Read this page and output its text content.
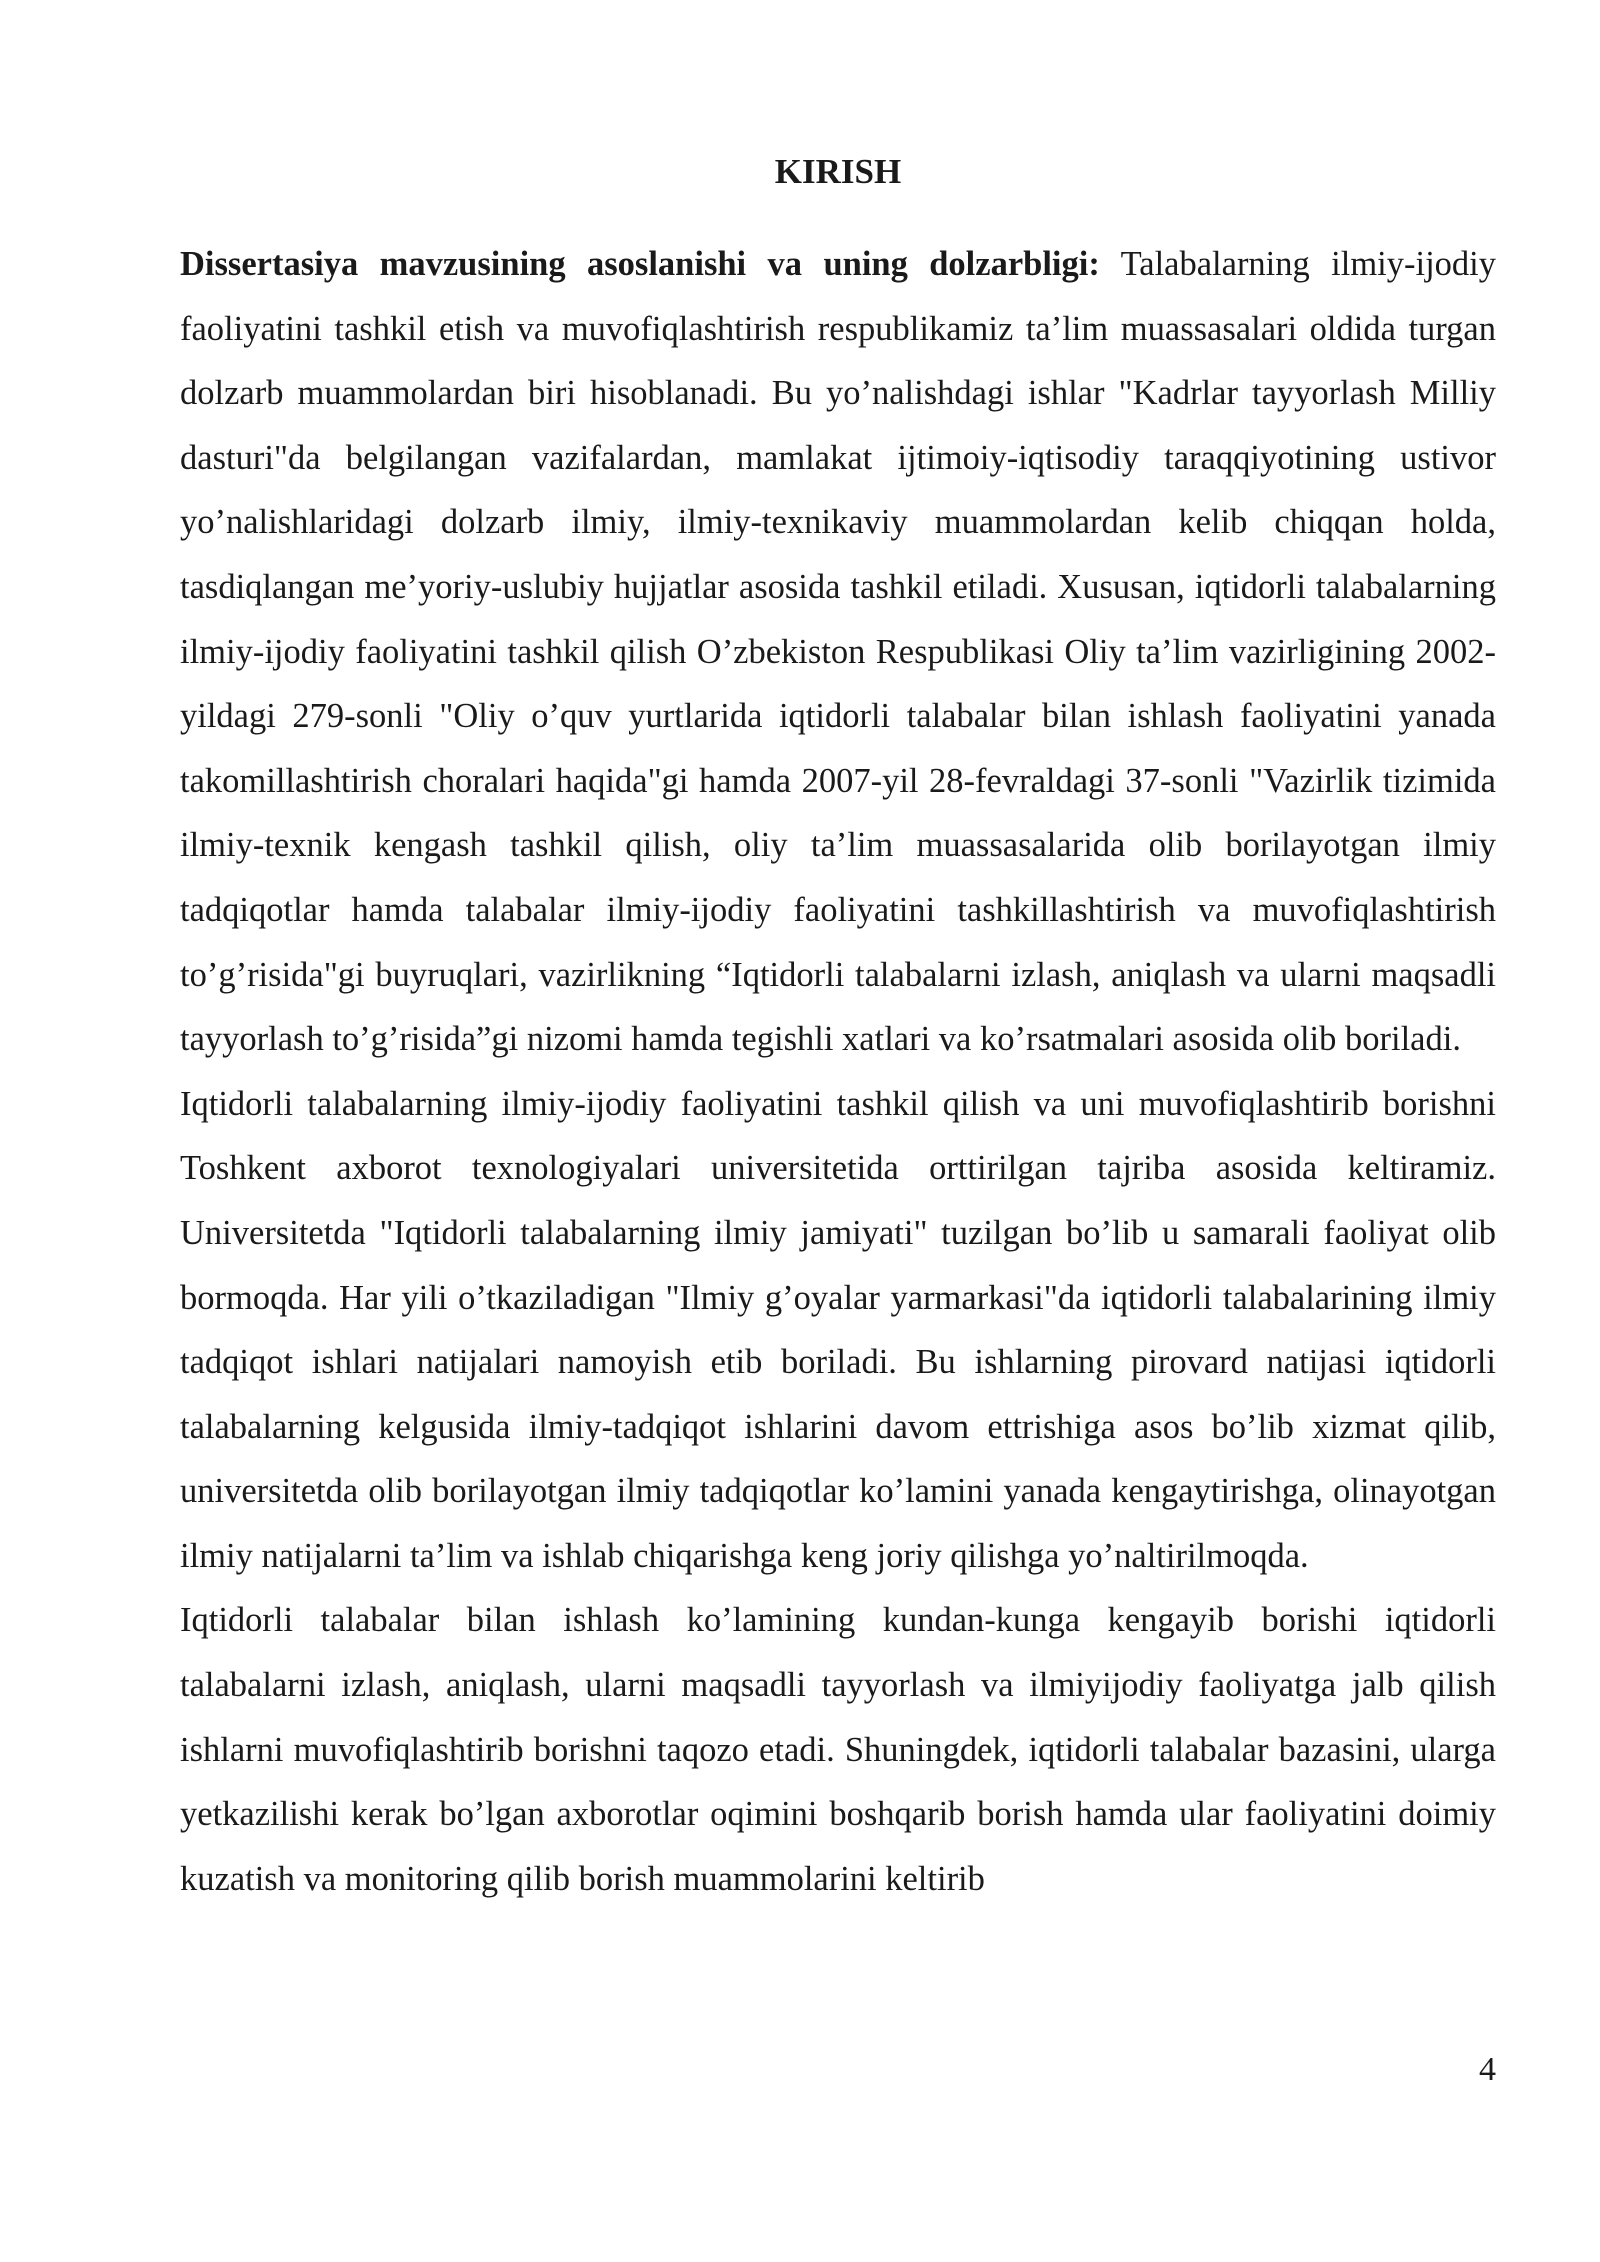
KIRISH

Dissertasiya mavzusining asoslanishi va uning dolzarbligi: Talabalarning ilmiy-ijodiy faoliyatini tashkil etish va muvofiqlashtirish respublikamiz ta’lim muassasalari oldida turgan dolzarb muammolardan biri hisoblanadi. Bu yo’nalishdagi ishlar "Kadrlar tayyorlash Milliy dasturi"da belgilangan vazifalardan, mamlakat ijtimoiy-iqtisodiy taraqqiyotining ustivor yo’nalishlaridagi dolzarb ilmiy, ilmiy-texnikaviy muammolardan kelib chiqqan holda, tasdiqlangan me’yoriy-uslubiy hujjatlar asosida tashkil etiladi. Xususan, iqtidorli talabalarning ilmiy-ijodiy faoliyatini tashkil qilish O’zbekiston Respublikasi Oliy ta’lim vazirligining 2002-yildagi 279-sonli "Oliy o’quv yurtlarida iqtidorli talabalar bilan ishlash faoliyatini yanada takomillashtirish choralari haqida"gi hamda 2007-yil 28-fevraldagi 37-sonli "Vazirlik tizimida ilmiy-texnik kengash tashkil qilish, oliy ta’lim muassasalarida olib borilayotgan ilmiy tadqiqotlar hamda talabalar ilmiy-ijodiy faoliyatini tashkillashtirish va muvofiqlashtirish to’g’risida"gi buyruqlari, vazirlikning “Iqtidorli talabalarni izlash, aniqlash va ularni maqsadli tayyorlash to’g’risida”gi nizomi hamda tegishli xatlari va ko’rsatmalari asosida olib boriladi.

Iqtidorli talabalarning ilmiy-ijodiy faoliyatini tashkil qilish va uni muvofiqlashtirib borishni Toshkent axborot texnologiyalari universitetida orttirilgan tajriba asosida keltiramiz. Universitetda "Iqtidorli talabalarning ilmiy jamiyati" tuzilgan bo’lib u samarali faoliyat olib bormoqda. Har yili o’tkaziladigan "Ilmiy g’oyalar yarmarkasi"da iqtidorli talabalarining ilmiy tadqiqot ishlari natijalari namoyish etib boriladi. Bu ishlarning pirovard natijasi iqtidorli talabalarning kelgusida ilmiy-tadqiqot ishlarini davom ettrishiga asos bo’lib xizmat qilib, universitetda olib borilayotgan ilmiy tadqiqotlar ko’lamini yanada kengaytirishga, olinayotgan ilmiy natijalarni ta’lim va ishlab chiqarishga keng joriy qilishga yo’naltirilmoqda.

Iqtidorli talabalar bilan ishlash ko’lamining kundan-kunga kengayib borishi iqtidorli talabalarni izlash, aniqlash, ularni maqsadli tayyorlash va ilmiyijodiy faoliyatga jalb qilish ishlarni muvofiqlashtirib borishni taqozo etadi. Shuningdek, iqtidorli talabalar bazasini, ularga yetkazilishi kerak bo’lgan axborotlar oqimini boshqarib borish hamda ular faoliyatini doimiy kuzatish va monitoring qilib borish muammolarini keltirib

4
